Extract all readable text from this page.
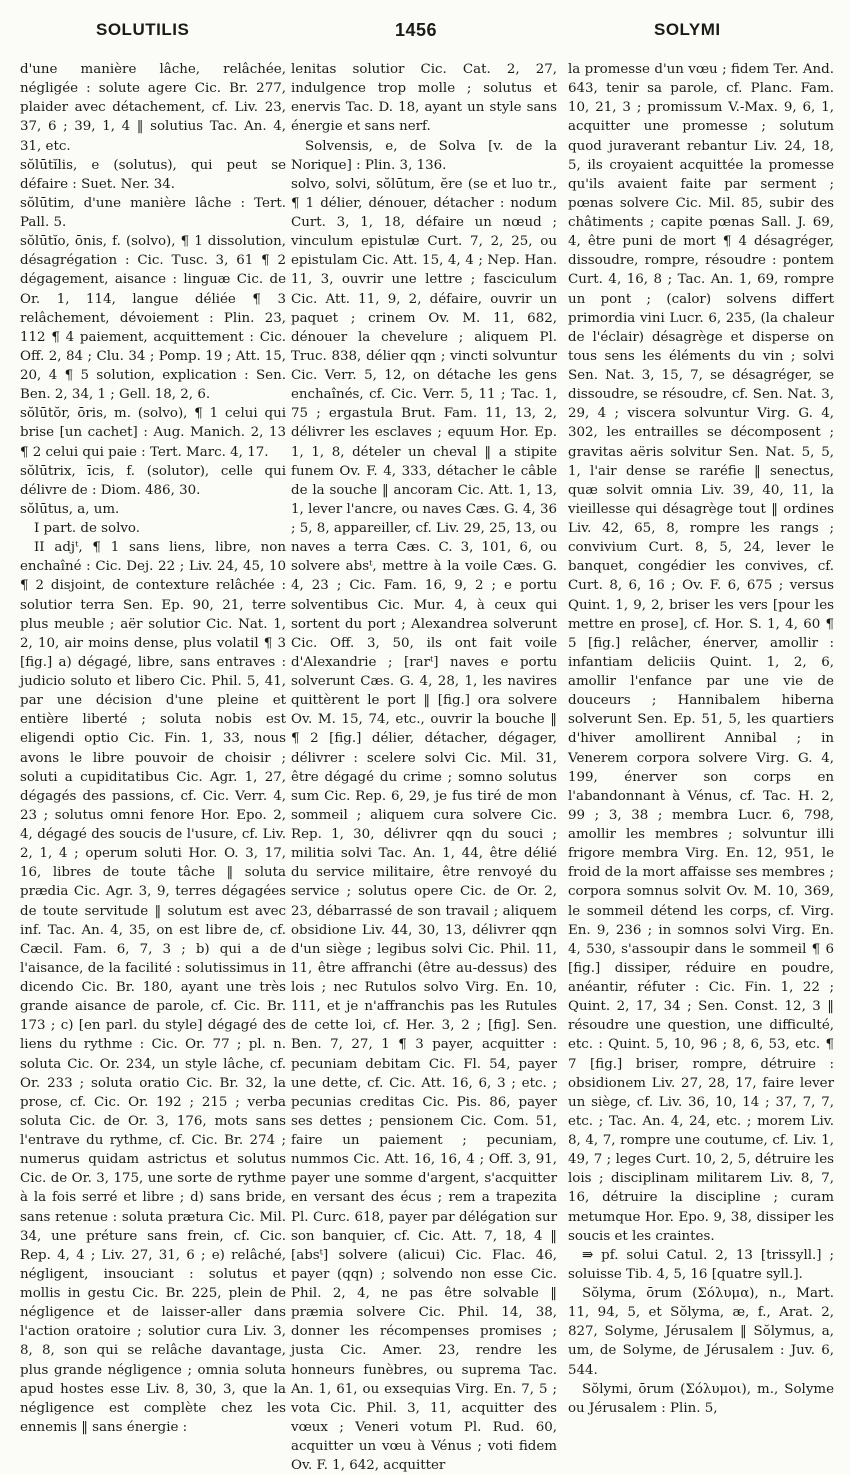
SOLUTILIS	1456	SOLYMI

d'une manière lâche, relâchée, négligée : solute agere Cic. Br. 277, plaider avec détachement, cf. Liv. 23, 37, 6 ; 39, 1, 4 ‖ solutius Tac. An. 4, 31, etc.

sŏlūtĭlis, e (solutus), qui peut se défaire : Suet. Ner. 34.

sŏlūtim, d'une manière lâche : Tert. Pall. 5.

sŏlūtĭo, ōnis, f. (solvo), ¶ 1 dissolution, désagrégation : Cic. Tusc. 3, 61 ¶ 2 dégagement, aisance : linguæ Cic. de Or. 1, 114, langue déliée ¶ 3 relâchement, dévoiement : Plin. 23, 112 ¶ 4 paiement, acquittement : Cic. Off. 2, 84 ; Clu. 34 ; Pomp. 19 ; Att. 15, 20, 4 ¶ 5 solution, explication : Sen. Ben. 2, 34, 1 ; Gell. 18, 2, 6.

sŏlūtŏr, ōris, m. (solvo), ¶ 1 celui qui brise [un cachet] : Aug. Manich. 2, 13 ¶ 2 celui qui paie : Tert. Marc. 4, 17.

sŏlūtrix, īcis, f. (solutor), celle qui délivre de : Diom. 486, 30.

sŏlūtus, a, um.

I part. de solvo.

II adjᵗ, ¶ 1 sans liens, libre, non enchaîné : Cic. Dej. 22 ; Liv. 24, 45, 10 ¶ 2 disjoint, de contexture relâchée : solutior terra Sen. Ep. 90, 21, terre plus meuble ; aër solutior Cic. Nat. 1, 2, 10, air moins dense, plus volatil ¶ 3 [fig.] a) dégagé, libre, sans entraves : judicio soluto et libero Cic. Phil. 5, 41, par une décision d'une pleine et entière liberté ; soluta nobis est eligendi optio Cic. Fin. 1, 33, nous avons le libre pouvoir de choisir ; soluti a cupiditatibus Cic. Agr. 1, 27, dégagés des passions, cf. Cic. Verr. 4, 23 ; solutus omni fenore Hor. Epo. 2, 4, dégagé des soucis de l'usure, cf. Liv. 2, 1, 4 ; operum soluti Hor. O. 3, 17, 16, libres de toute tâche ‖ soluta prædia Cic. Agr. 3, 9, terres dégagées de toute servitude ‖ solutum est avec inf. Tac. An. 4, 35, on est libre de, cf. Cæcil. Fam. 6, 7, 3 ; b) qui a de l'aisance, de la facilité : solutissimus in dicendo Cic. Br. 180, ayant une très grande aisance de parole, cf. Cic. Br. 173 ; c) [en parl. du style] dégagé des liens du rythme : Cic. Or. 77 ; pl. n. soluta Cic. Or. 234, un style lâche, cf. Or. 233 ; soluta oratio Cic. Br. 32, la prose, cf. Cic. Or. 192 ; 215 ; verba soluta Cic. de Or. 3, 176, mots sans l'entrave du rythme, cf. Cic. Br. 274 ; numerus quidam astrictus et solutus Cic. de Or. 3, 175, une sorte de rythme à la fois serré et libre ; d) sans bride, sans retenue : soluta prætura Cic. Mil. 34, une préture sans frein, cf. Cic. Rep. 4, 4 ; Liv. 27, 31, 6 ; e) relâché, négligent, insouciant : solutus et mollis in gestu Cic. Br. 225, plein de négligence et de laisser-aller dans l'action oratoire ; solutior cura Liv. 3, 8, 8, son qui se relâche davantage, plus grande négligence ; omnia soluta apud hostes esse Liv. 8, 30, 3, que la négligence est complète chez les ennemis ‖ sans énergie :

lenitas solutior Cic. Cat. 2, 27, indulgence trop molle ; solutus et enervis Tac. D. 18, ayant un style sans énergie et sans nerf.

Solvensis, e, de Solva [v. de la Norique] : Plin. 3, 136.

solvo, solvi, sŏlūtum, ĕre (se et luo tr., ¶ 1 délier, dénouer, détacher : nodum Curt. 3, 1, 18, défaire un nœud ; vinculum epistulæ Curt. 7, 2, 25, ou epistulam Cic. Att. 15, 4, 4 ; Nep. Han. 11, 3, ouvrir une lettre ; fasciculum Cic. Att. 11, 9, 2, défaire, ouvrir un paquet ; crinem Ov. M. 11, 682, dénouer la chevelure ; aliquem Pl. Truc. 838, délier qqn ; vincti solvuntur Cic. Verr. 5, 12, on détache les gens enchaînés, cf. Cic. Verr. 5, 11 ; Tac. 1, 75 ; ergastula Brut. Fam. 11, 13, 2, délivrer les esclaves ; equum Hor. Ep. 1, 1, 8, dételer un cheval ‖ a stipite funem Ov. F. 4, 333, détacher le câble de la souche ‖ ancoram Cic. Att. 1, 13, 1, lever l'ancre, ou naves Cæs. G. 4, 36 ; 5, 8, appareiller, cf. Liv. 29, 25, 13, ou naves a terra Cæs. C. 3, 101, 6, ou solvere absᵗ, mettre à la voile Cæs. G. 4, 23 ; Cic. Fam. 16, 9, 2 ; e portu solventibus Cic. Mur. 4, à ceux qui sortent du port ; Alexandrea solverunt Cic. Off. 3, 50, ils ont fait voile d'Alexandrie ; [rarᵗ] naves e portu solverunt Cæs. G. 4, 28, 1, les navires quittèrent le port ‖ [fig.] ora solvere Ov. M. 15, 74, etc., ouvrir la bouche ‖ ¶ 2 [fig.] délier, détacher, dégager, délivrer : scelere solvi Cic. Mil. 31, être dégagé du crime ; somno solutus sum Cic. Rep. 6, 29, je fus tiré de mon sommeil ; aliquem cura solvere Cic. Rep. 1, 30, délivrer qqn du souci ; militia solvi Tac. An. 1, 44, être délié du service militaire, être renvoyé du service ; solutus opere Cic. de Or. 2, 23, débarrassé de son travail ; aliquem obsidione Liv. 44, 30, 13, délivrer qqn d'un siège ; legibus solvi Cic. Phil. 11, 11, être affranchi (être au-dessus) des lois ; nec Rutulos solvo Virg. En. 10, 111, et je n'affranchis pas les Rutules de cette loi, cf. Her. 3, 2 ; [fig]. Sen. Ben. 7, 27, 1 ¶ 3 payer, acquitter : pecuniam debitam Cic. Fl. 54, payer une dette, cf. Cic. Att. 16, 6, 3 ; etc. ; pecunias creditas Cic. Pis. 86, payer ses dettes ; pensionem Cic. Com. 51, faire un paiement ; pecuniam, nummos Cic. Att. 16, 16, 4 ; Off. 3, 91, payer une somme d'argent, s'acquitter en versant des écus ; rem a trapezita Pl. Curc. 618, payer par délégation sur son banquier, cf. Cic. Att. 7, 18, 4 ‖ [absᵗ] solvere (alicui) Cic. Flac. 46, payer (qqn) ; solvendo non esse Cic. Phil. 2, 4, ne pas être solvable ‖ præmia solvere Cic. Phil. 14, 38, donner les récompenses promises ; justa Cic. Amer. 23, rendre les honneurs funèbres, ou suprema Tac. An. 1, 61, ou exsequias Virg. En. 7, 5 ; vota Cic. Phil. 3, 11, acquitter des vœux ; Veneri votum Pl. Rud. 60, acquitter un vœu à Vénus ; voti fidem Ov. F. 1, 642, acquitter

la promesse d'un vœu ; fidem Ter. And. 643, tenir sa parole, cf. Planc. Fam. 10, 21, 3 ; promissum V.-Max. 9, 6, 1, acquitter une promesse ; solutum quod juraverant rebantur Liv. 24, 18, 5, ils croyaient acquittée la promesse qu'ils avaient faite par serment ; pœnas solvere Cic. Mil. 85, subir des châtiments ; capite pœnas Sall. J. 69, 4, être puni de mort ¶ 4 désagréger, dissoudre, rompre, résoudre : pontem Curt. 4, 16, 8 ; Tac. An. 1, 69, rompre un pont ; (calor) solvens differt primordia vini Lucr. 6, 235, (la chaleur de l'éclair) désagrège et disperse on tous sens les éléments du vin ; solvi Sen. Nat. 3, 15, 7, se désagréger, se dissoudre, se résoudre, cf. Sen. Nat. 3, 29, 4 ; viscera solvuntur Virg. G. 4, 302, les entrailles se décomposent ; gravitas aëris solvitur Sen. Nat. 5, 5, 1, l'air dense se raréfie ‖ senectus, quæ solvit omnia Liv. 39, 40, 11, la vieillesse qui désagrège tout ‖ ordines Liv. 42, 65, 8, rompre les rangs ; convivium Curt. 8, 5, 24, lever le banquet, congédier les convives, cf. Curt. 8, 6, 16 ; Ov. F. 6, 675 ; versus Quint. 1, 9, 2, briser les vers [pour les mettre en prose], cf. Hor. S. 1, 4, 60 ¶ 5 [fig.] relâcher, énerver, amollir : infantiam deliciis Quint. 1, 2, 6, amollir l'enfance par une vie de douceurs ; Hannibalem hiberna solverunt Sen. Ep. 51, 5, les quartiers d'hiver amollirent Annibal ; in Venerem corpora solvere Virg. G. 4, 199, énerver son corps en l'abandonnant à Vénus, cf. Tac. H. 2, 99 ; 3, 38 ; membra Lucr. 6, 798, amollir les membres ; solvuntur illi frigore membra Virg. En. 12, 951, le froid de la mort affaisse ses membres ; corpora somnus solvit Ov. M. 10, 369, le sommeil détend les corps, cf. Virg. En. 9, 236 ; in somnos solvi Virg. En. 4, 530, s'assoupir dans le sommeil ¶ 6 [fig.] dissiper, réduire en poudre, anéantir, réfuter : Cic. Fin. 1, 22 ; Quint. 2, 17, 34 ; Sen. Const. 12, 3 ‖ résoudre une question, une difficulté, etc. : Quint. 5, 10, 96 ; 8, 6, 53, etc. ¶ 7 [fig.] briser, rompre, détruire : obsidionem Liv. 27, 28, 17, faire lever un siège, cf. Liv. 36, 10, 14 ; 37, 7, 7, etc. ; Tac. An. 4, 24, etc. ; morem Liv. 8, 4, 7, rompre une coutume, cf. Liv. 1, 49, 7 ; leges Curt. 10, 2, 5, détruire les lois ; disciplinam militarem Liv. 8, 7, 16, détruire la discipline ; curam metumque Hor. Epo. 9, 38, dissiper les soucis et les craintes.

⇛ pf. solui Catul. 2, 13 [trissyll.] ; soluisse Tib. 4, 5, 16 [quatre syll.].

Sŏlyma, ōrum (Σόλυμα), n., Mart. 11, 94, 5, et Sŏlyma, æ, f., Arat. 2, 827, Solyme, Jérusalem ‖ Sŏlymus, a, um, de Solyme, de Jérusalem : Juv. 6, 544.

Sŏlymi, ōrum (Σόλυμοι), m., Solyme ou Jérusalem : Plin. 5,
